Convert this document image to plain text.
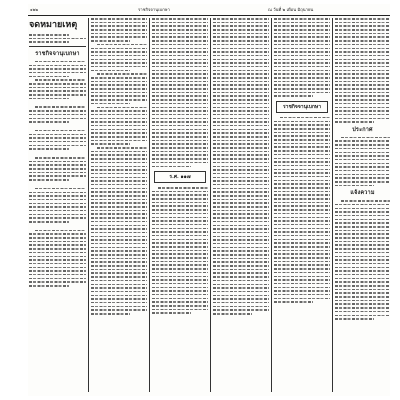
๑๒๒	ราชกิจจานุเบกษา	ณ วันที่ ๒ เดือน มิถุนายน
จดหมายเหตุ
ราชกิจจานุเบกษา
ร.ศ. ๑๑๗
ราชกิจจานุเบกษา
ประกาศ
แจ้งความ
